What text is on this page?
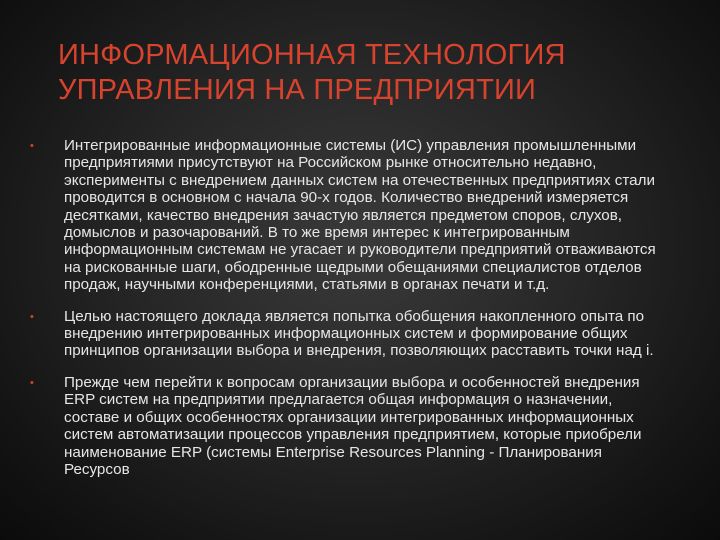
ИНФОРМАЦИОННАЯ ТЕХНОЛОГИЯ
УПРАВЛЕНИЯ НА ПРЕДПРИЯТИИ
• Интегрированные информационные системы (ИС) управления промышленными предприятиями присутствуют на Российском рынке относительно недавно, эксперименты с внедрением данных систем на отечественных предприятиях стали проводится в основном с начала 90-х годов. Количество внедрений измеряется десятками, качество внедрения зачастую является предметом споров, слухов, домыслов и разочарований. В то же время интерес к интегрированным информационным системам не угасает и руководители предприятий отваживаются на рискованные шаги, ободренные щедрыми обещаниями специалистов отделов продаж, научными конференциями, статьями в органах печати и т.д.
• Целью настоящего доклада является попытка обобщения накопленного опыта по внедрению интегрированных информационных систем и формирование общих принципов организации выбора и внедрения, позволяющих расставить точки над i.
• Прежде чем перейти к вопросам организации выбора и особенностей внедрения ERP систем на предприятии предлагается общая информация о назначении, составе и общих особенностях организации интегрированных информационных систем автоматизации процессов управления предприятием, которые приобрели наименование ERP (системы Enterprise Resources Planning - Планирования Ресурсов
